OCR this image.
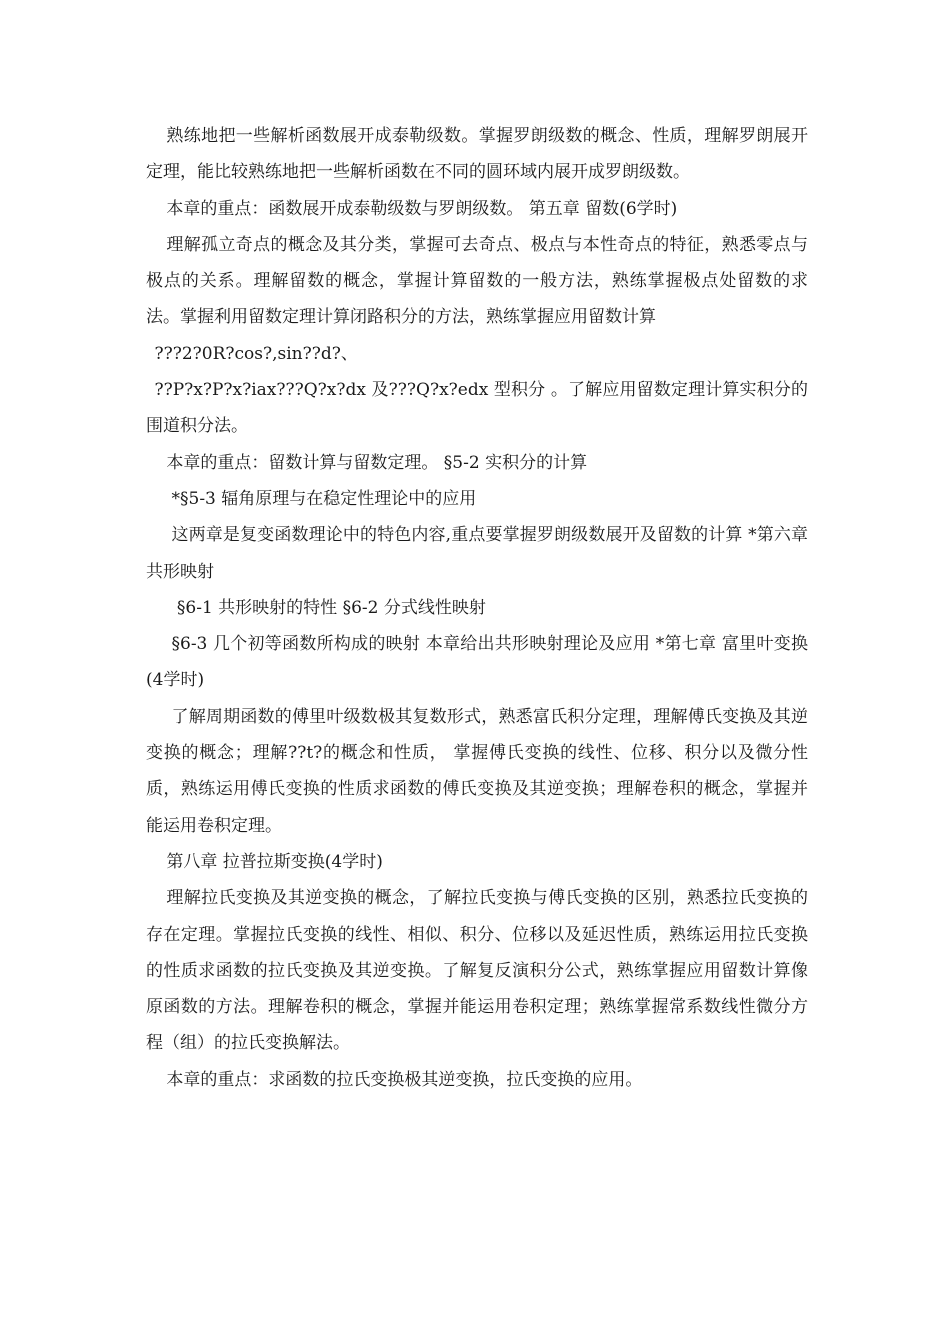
熟练地把一些解析函数展开成泰勒级数。掌握罗朗级数的概念、性质，理解罗朗展开定理，能比较熟练地把一些解析函数在不同的圆环域内展开成罗朗级数。

本章的重点：函数展开成泰勒级数与罗朗级数。 第五章 留数(6学时)

理解孤立奇点的概念及其分类，掌握可去奇点、极点与本性奇点的特征，熟悉零点与极点的关系。理解留数的概念，掌握计算留数的一般方法，熟练掌握极点处留数的求法。掌握利用留数定理计算闭路积分的方法，熟练掌握应用留数计算

??​?2?0R?cos?,sin??d?、

??P?x?P?x?iax???Q?x?dx 及???Q?x?edx 型积分 。了解应用留数定理计算实积分的围道积分法。

本章的重点：留数计算与留数定理。 §5-2 实积分的计算

*§5-3 辐角原理与在稳定性理论中的应用

这两章是复变函数理论中的特色内容,重点要掌握罗朗级数展开及留数的计算 *第六章 共形映射

§6-1 共形映射的特性 §6-2 分式线性映射

§6-3 几个初等函数所构成的映射 本章给出共形映射理论及应用 *第七章 富里叶变换(4学时)

了解周期函数的傅里叶级数极其复数形式，熟悉富氏积分定理，理解傅氏变换及其逆变换的概念；理解??t?的概念和性质， 掌握傅氏变换的线性、位移、积分以及微分性质，熟练运用傅氏变换的性质求函数的傅氏变换及其逆变换；理解卷积的概念，掌握并能运用卷积定理。

第八章 拉普拉斯变换(4学时)

理解拉氏变换及其逆变换的概念，了解拉氏变换与傅氏变换的区别，熟悉拉氏变换的存在定理。掌握拉氏变换的线性、相似、积分、位移以及延迟性质，熟练运用拉氏变换的性质求函数的拉氏变换及其逆变换。了解复反演积分公式，熟练掌握应用留数计算像原函数的方法。理解卷积的概念，掌握并能运用卷积定理；熟练掌握常系数线性微分方程（组）的拉氏变换解法。

本章的重点：求函数的拉氏变换极其逆变换，拉氏变换的应用。
